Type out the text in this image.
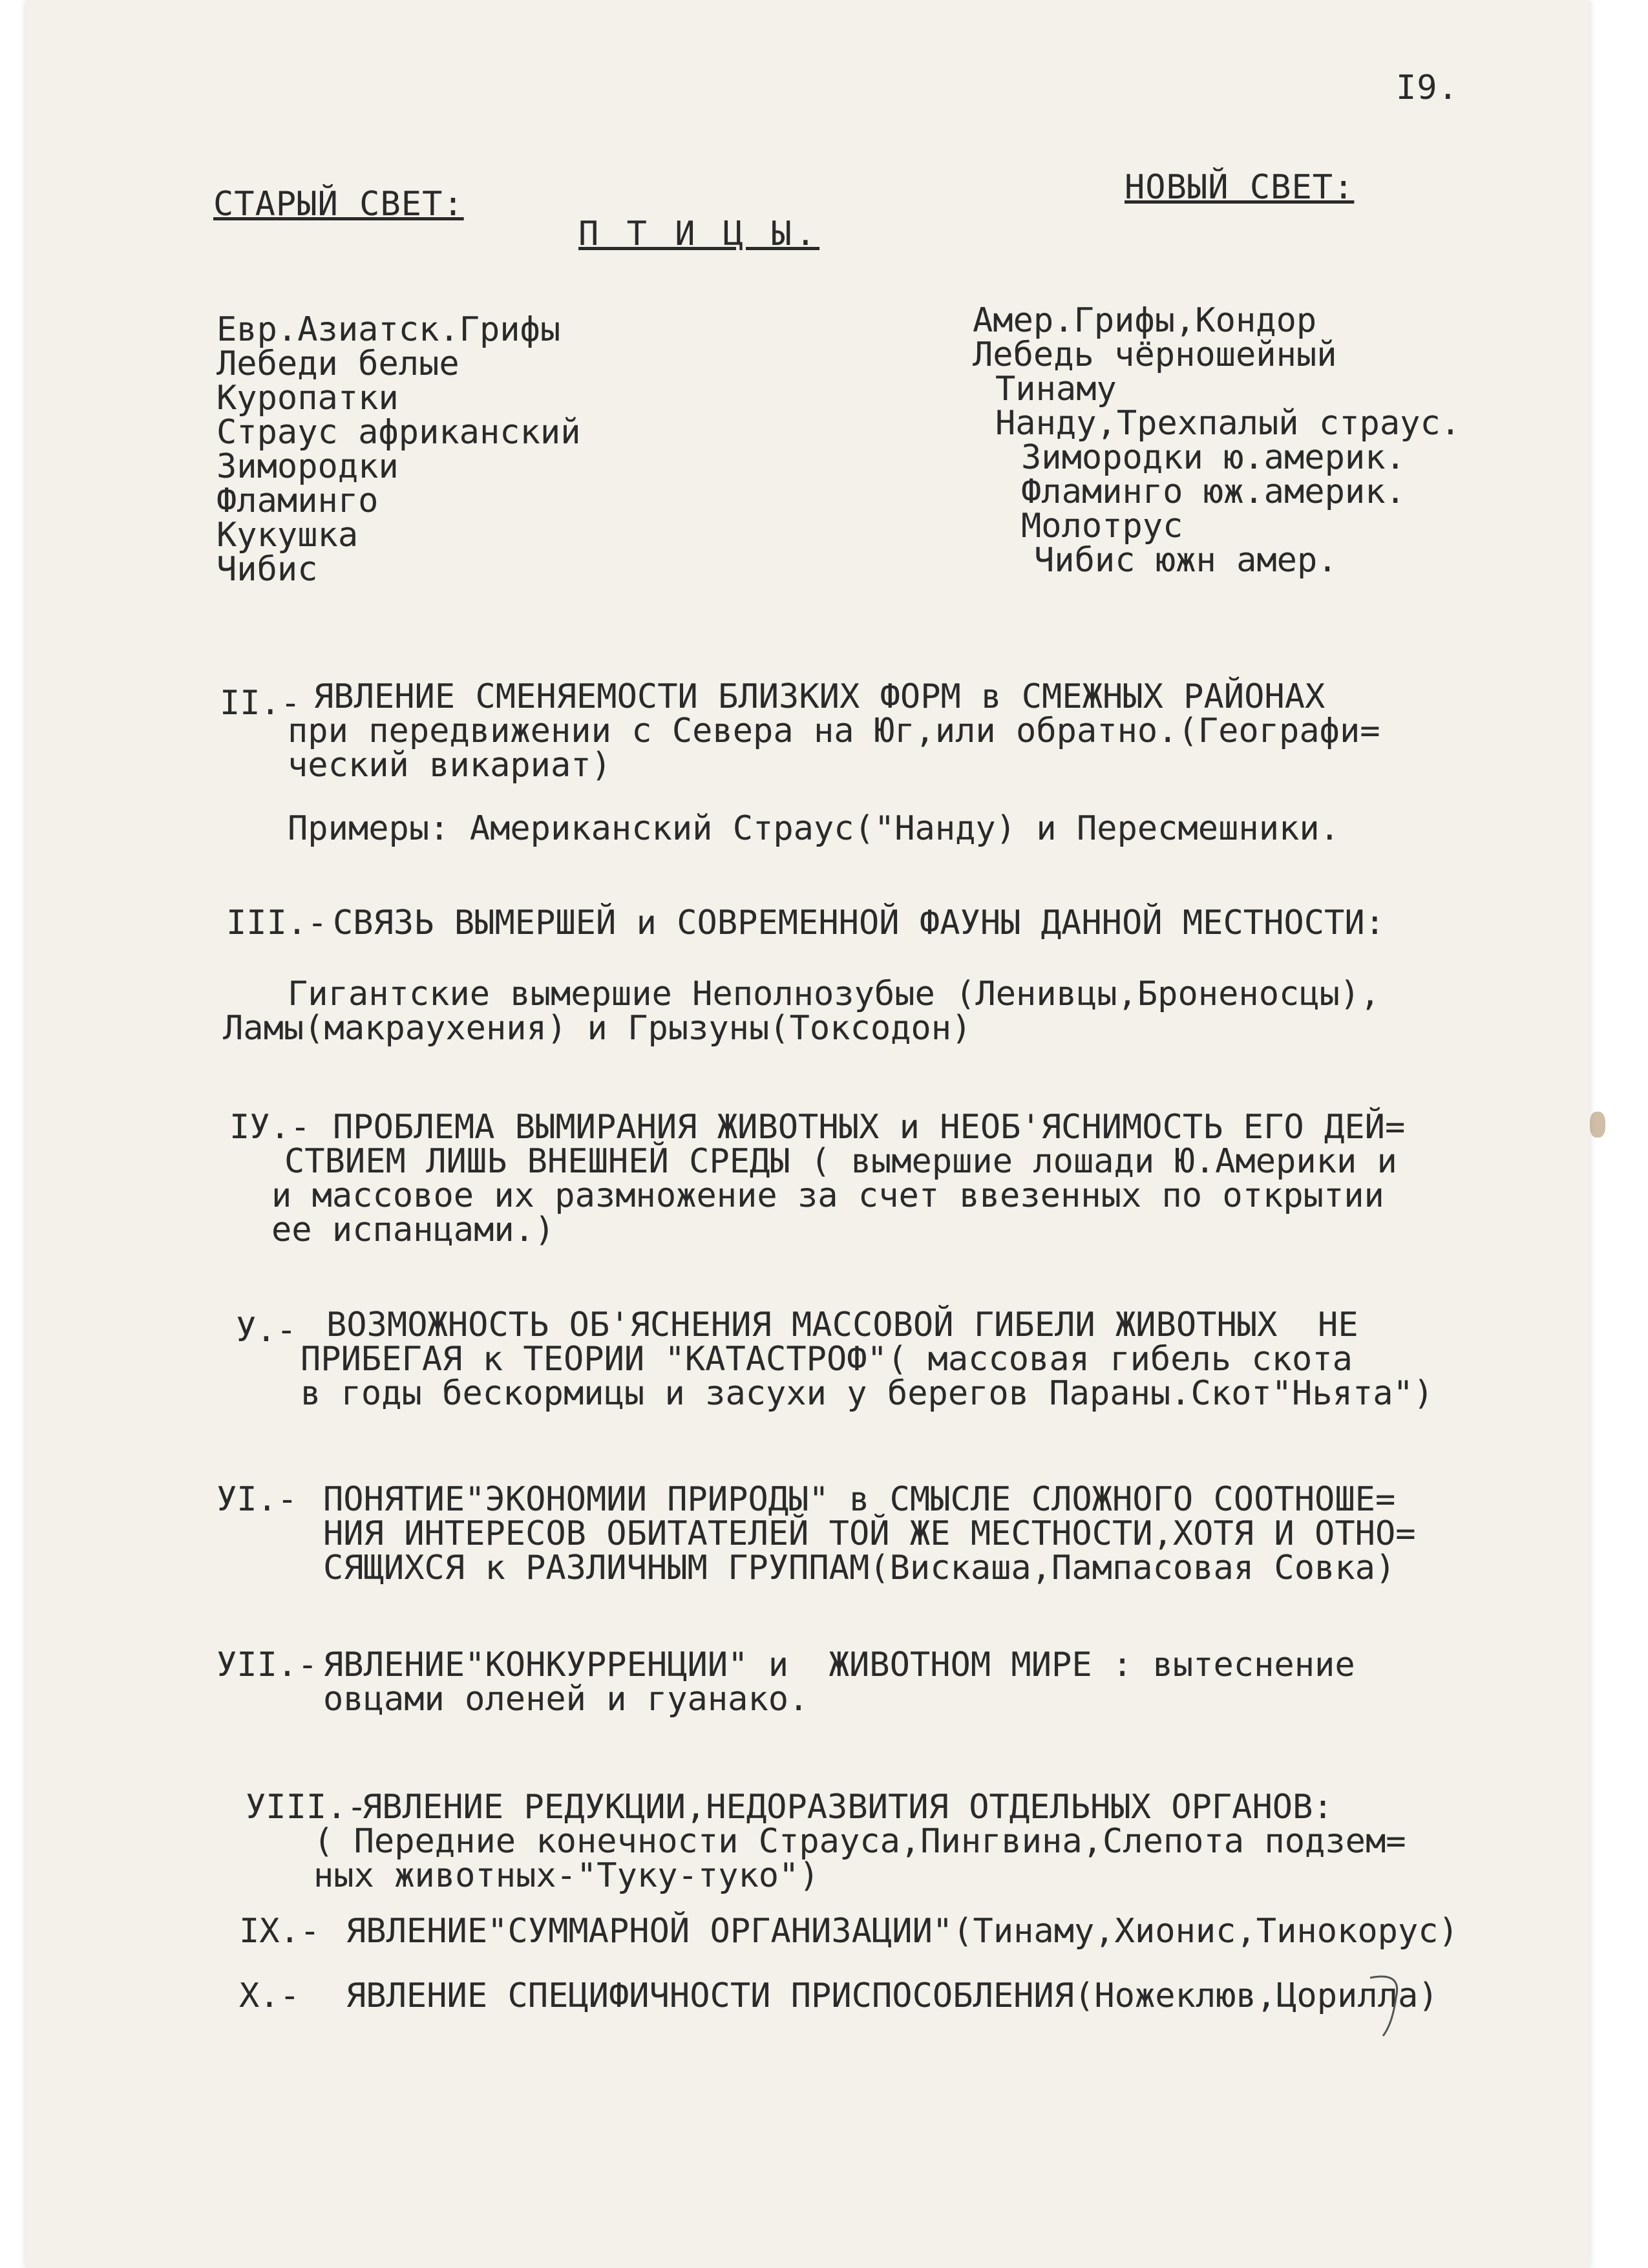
I9.
СТАРЫЙ СВЕТ:	НОВЫЙ СВЕТ:
П Т И Ц Ы.
Евр.Азиатск.Грифы
Лебеди белые
Куропатки
Страус африканский
Зимородки
Фламинго
Кукушка
Чибис
Амер.Грифы,Кондор
Лебедь чёрношейный
Тинаму
Нанду,Трехпалый страус.
Зимородки ю.америк.
Фламинго юж.америк.
Молотрус
Чибис южн амер.
II.- ЯВЛЕНИЕ СМЕНЯЕМОСТИ БЛИЗКИХ ФОРМ в СМЕЖНЫХ РАЙОНАХ
при передвижении с Севера на Юг,или обратно.(Географи=
ческий викариат)
Примеры: Американский Страус("Нанду) и Пересмешники.
III.- СВЯЗЬ ВЫМЕРШЕЙ и СОВРЕМЕННОЙ ФАУНЫ ДАННОЙ МЕСТНОСТИ:
Гигантские вымершие Неполнозубые (Ленивцы,Броненосцы),
Ламы(макраухения) и Грызуны(Токсодон)
IУ.- ПРОБЛЕМА ВЫМИРАНИЯ ЖИВОТНЫХ и НЕОБ'ЯСНИМОСТЬ ЕГО ДЕЙ=
СТВИЕМ ЛИШЬ ВНЕШНЕЙ СРЕДЫ ( вымершие лошади Ю.Америки и
и массовое их размножение за счет ввезенных по открытии
ее испанцами.)
У.- ВОЗМОЖНОСТЬ ОБ'ЯСНЕНИЯ МАССОВОЙ ГИБЕЛИ ЖИВОТНЫХ  НЕ
ПРИБЕГАЯ к ТЕОРИИ "КАТАСТРОФ"( массовая гибель скота
в годы бескормицы и засухи у берегов Параны.Скот"Ньята")
УI.- ПОНЯТИЕ"ЭКОНОМИИ ПРИРОДЫ" в СМЫСЛЕ СЛОЖНОГО СООТНОШЕ=
НИЯ ИНТЕРЕСОВ ОБИТАТЕЛЕЙ ТОЙ ЖЕ МЕСТНОСТИ,ХОТЯ И ОТНО=
СЯЩИХСЯ к РАЗЛИЧНЫМ ГРУППАМ(Вискаша,Пампасовая Совка)
УII.- ЯВЛЕНИЕ"КОНКУРРЕНЦИИ" и  ЖИВОТНОМ МИРЕ : вытеснение
овцами оленей и гуанако.
УIII.-
ЯВЛЕНИЕ РЕДУКЦИИ,НЕДОРАЗВИТИЯ ОТДЕЛЬНЫХ ОРГАНОВ:
( Передние конечности Страуса,Пингвина,Слепота подзем=
ных животных-"Туку-туко")
IX.- ЯВЛЕНИЕ"СУММАРНОЙ ОРГАНИЗАЦИИ"(Тинаму,Хионис,Тинокорус)
X.- ЯВЛЕНИЕ СПЕЦИФИЧНОСТИ ПРИСПОСОБЛЕНИЯ(Ножеклюв,Цорилла)
